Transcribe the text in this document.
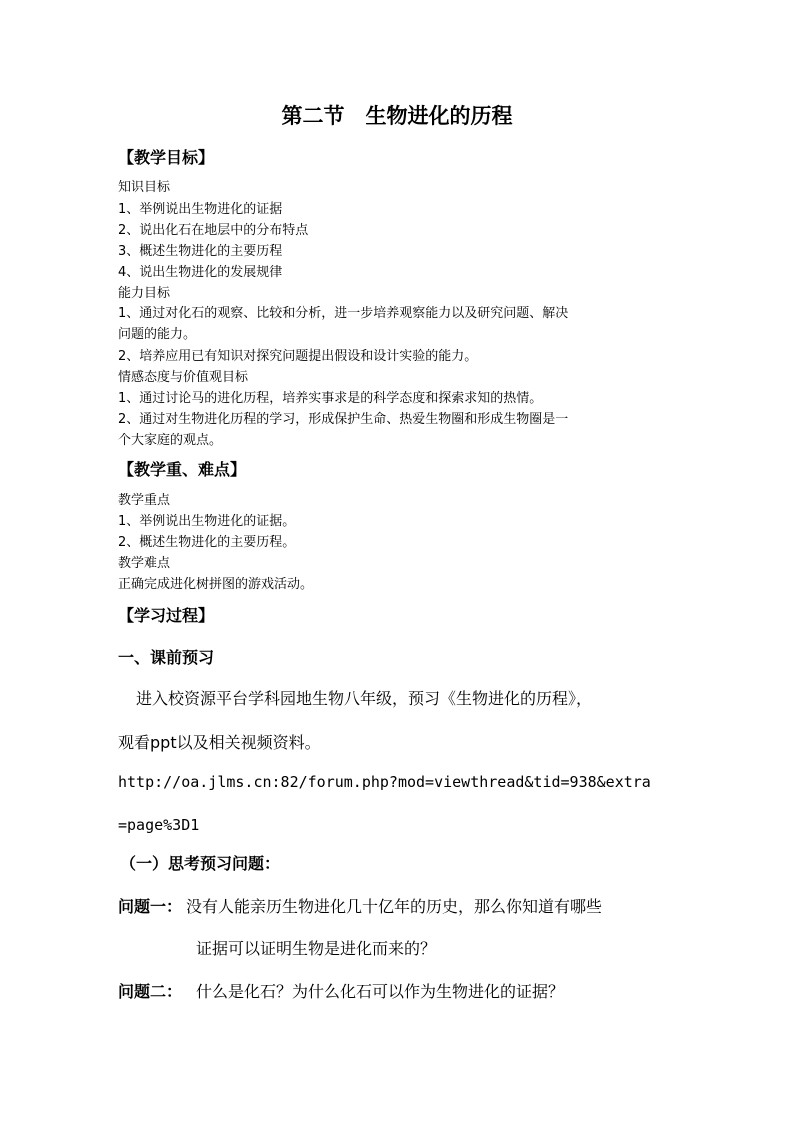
第二节　生物进化的历程
【教学目标】
知识目标
1、举例说出生物进化的证据
2、说出化石在地层中的分布特点
3、概述生物进化的主要历程
4、说出生物进化的发展规律
能力目标
1、通过对化石的观察、比较和分析，进一步培养观察能力以及研究问题、解决
问题的能力。
2、培养应用已有知识对探究问题提出假设和设计实验的能力。
情感态度与价值观目标
1、通过讨论马的进化历程，培养实事求是的科学态度和探索求知的热情。
2、通过对生物进化历程的学习，形成保护生命、热爱生物圈和形成生物圈是一
个大家庭的观点。
【教学重、难点】
教学重点
1、举例说出生物进化的证据。
2、概述生物进化的主要历程。
教学难点
正确完成进化树拼图的游戏活动。
【学习过程】
一、课前预习
进入校资源平台学科园地生物八年级，预习《生物进化的历程》，
观看ppt以及相关视频资料。
http://oa.jlms.cn:82/forum.php?mod=viewthread&tid=938&extra
=page%3D1
（一）思考预习问题：
问题一： 没有人能亲历生物进化几十亿年的历史，那么你知道有哪些
证据可以证明生物是进化而来的？
问题二： 什么是化石？为什么化石可以作为生物进化的证据？
